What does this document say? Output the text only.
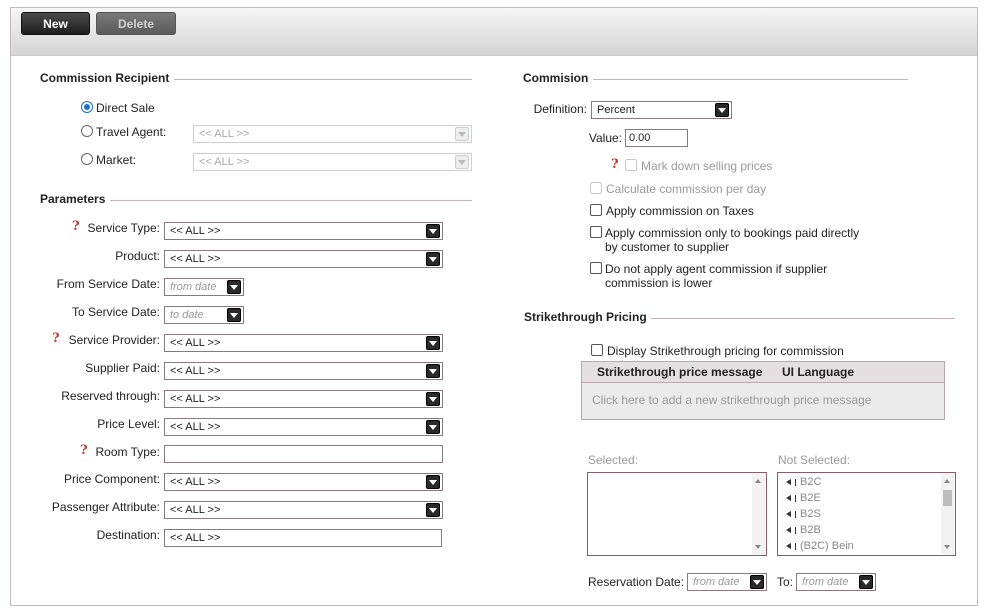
New	Delete
Commission Recipient
Direct Sale
Travel Agent:	<< ALL >>
Market:	<< ALL >>
Parameters
? Service Type: << ALL >>
Product: << ALL >>
From Service Date: from date
To Service Date: to date
? Service Provider: << ALL >>
Supplier Paid: << ALL >>
Reserved through: << ALL >>
Price Level: << ALL >>
? Room Type:
Price Component: << ALL >>
Passenger Attribute: << ALL >>
Destination: << ALL >>
Commision
Definition: Percent
Value: 0.00
? Mark down selling prices
Calculate commission per day
Apply commission on Taxes
Apply commission only to bookings paid directly
by customer to supplier
Do not apply agent commission if supplier
commission is lower
Strikethrough Pricing
Display Strikethrough pricing for commission
Strikethrough price message UI Language
Click here to add a new strikethrough price message
Selected:	Not Selected:
B2C
B2E
B2S
B2B
(B2C) Bein
Reservation Date: from date	To: from date
